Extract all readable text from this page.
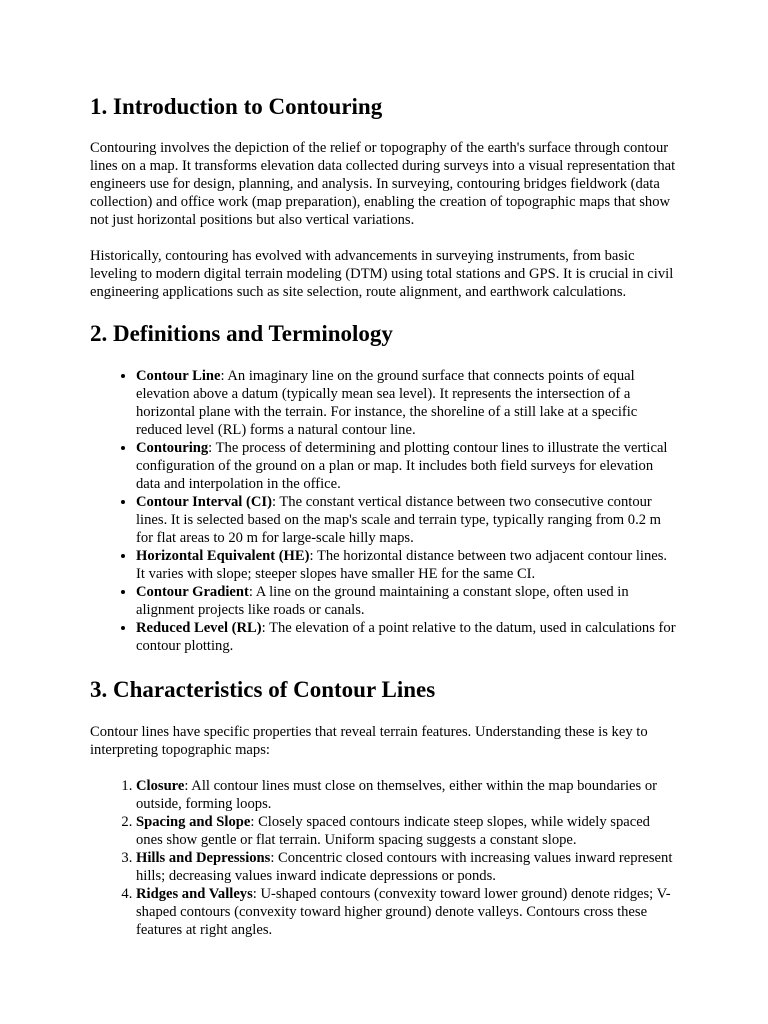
1. Introduction to Contouring

Contouring involves the depiction of the relief or topography of the earth's surface through contour lines on a map. It transforms elevation data collected during surveys into a visual representation that engineers use for design, planning, and analysis. In surveying, contouring bridges fieldwork (data collection) and office work (map preparation), enabling the creation of topographic maps that show not just horizontal positions but also vertical variations.

Historically, contouring has evolved with advancements in surveying instruments, from basic leveling to modern digital terrain modeling (DTM) using total stations and GPS. It is crucial in civil engineering applications such as site selection, route alignment, and earthwork calculations.

2. Definitions and Terminology
• Contour Line: An imaginary line on the ground surface that connects points of equal elevation above a datum (typically mean sea level). It represents the intersection of a horizontal plane with the terrain. For instance, the shoreline of a still lake at a specific reduced level (RL) forms a natural contour line.
• Contouring: The process of determining and plotting contour lines to illustrate the vertical configuration of the ground on a plan or map. It includes both field surveys for elevation data and interpolation in the office.
• Contour Interval (CI): The constant vertical distance between two consecutive contour lines. It is selected based on the map's scale and terrain type, typically ranging from 0.2 m for flat areas to 20 m for large-scale hilly maps.
• Horizontal Equivalent (HE): The horizontal distance between two adjacent contour lines. It varies with slope; steeper slopes have smaller HE for the same CI.
• Contour Gradient: A line on the ground maintaining a constant slope, often used in alignment projects like roads or canals.
• Reduced Level (RL): The elevation of a point relative to the datum, used in calculations for contour plotting.
3. Characteristics of Contour Lines

Contour lines have specific properties that reveal terrain features. Understanding these is key to interpreting topographic maps:

1. Closure: All contour lines must close on themselves, either within the map boundaries or outside, forming loops.
2. Spacing and Slope: Closely spaced contours indicate steep slopes, while widely spaced ones show gentle or flat terrain. Uniform spacing suggests a constant slope.
3. Hills and Depressions: Concentric closed contours with increasing values inward represent hills; decreasing values inward indicate depressions or ponds.
4. Ridges and Valleys: U-shaped contours (convexity toward lower ground) denote ridges; V-shaped contours (convexity toward higher ground) denote valleys. Contours cross these features at right angles.
